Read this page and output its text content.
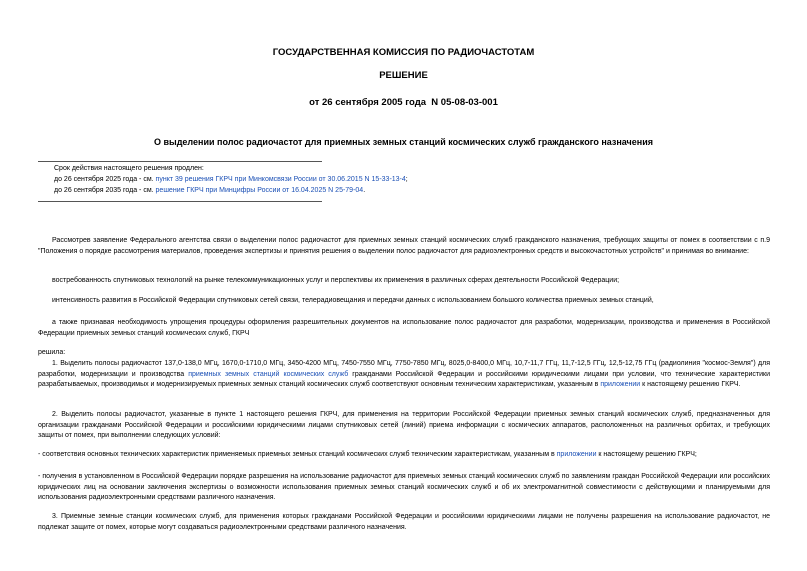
ГОСУДАРСТВЕННАЯ КОМИССИЯ ПО РАДИОЧАСТОТАМ
РЕШЕНИЕ
от 26 сентября 2005 года  N 05-08-03-001
О выделении полос радиочастот для приемных земных станций космических служб гражданского назначения
Срок действия настоящего решения продлен:
до 26 сентября 2025 года - см. пункт 39 решения ГКРЧ при Минкомсвязи России от 30.06.2015 N 15-33-13-4;
до 26 сентября 2035 года - см. решение ГКРЧ при Минцифры России от 16.04.2025 N 25-79-04.
Рассмотрев заявление Федерального агентства связи о выделении полос радиочастот для приемных земных станций космических служб гражданского назначения, требующих защиты от помех в соответствии с п.9 "Положения о порядке рассмотрения материалов, проведения экспертизы и принятия решения о выделении полос радиочастот для радиоэлектронных средств и высокочастотных устройств" и принимая во внимание:
востребованность спутниковых технологий на рынке телекоммуникационных услуг и перспективы их применения в различных сферах деятельности Российской Федерации;
интенсивность развития в Российской Федерации спутниковых сетей связи, телерадиовещания и передачи данных с использованием большого количества приемных земных станций,
а также признавая необходимость упрощения процедуры оформления разрешительных документов на использование полос радиочастот для разработки, модернизации, производства и применения в Российской Федерации приемных земных станций космических служб, ГКРЧ
решила:
1. Выделить полосы радиочастот 137,0-138,0 МГц, 1670,0-1710,0 МГц, 3450-4200 МГц, 7450-7550 МГц, 7750-7850 МГц, 8025,0-8400,0 МГц, 10,7-11,7 ГГц, 11,7-12,5 ГГц, 12,5-12,75 ГГц (радиолиния "космос-Земля") для разработки, модернизации и производства приемных земных станций космических служб гражданами Российской Федерации и российскими юридическими лицами при условии, что технические характеристики разрабатываемых, производимых и модернизируемых приемных земных станций космических служб соответствуют основным техническим характеристикам, указанным в приложении к настоящему решению ГКРЧ.
2. Выделить полосы радиочастот, указанные в пункте 1 настоящего решения ГКРЧ, для применения на территории Российской Федерации приемных земных станций космических служб, предназначенных для организации гражданами Российской Федерации и российскими юридическими лицами спутниковых сетей (линий) приема информации с космических аппаратов, расположенных на различных орбитах, и требующих защиты от помех, при выполнении следующих условий:
- соответствия основных технических характеристик применяемых приемных земных станций космических служб техническим характеристикам, указанным в приложении к настоящему решению ГКРЧ;
- получения в установленном в Российской Федерации порядке разрешения на использование радиочастот для приемных земных станций космических служб по заявлениям граждан Российской Федерации или российских юридических лиц на основании заключения экспертизы о возможности использования приемных земных станций космических служб и об их электромагнитной совместимости с действующими и планируемыми для использования радиоэлектронными средствами различного назначения.
3. Приемные земные станции космических служб, для применения которых гражданами Российской Федерации и российскими юридическими лицами не получены разрешения на использование радиочастот, не подлежат защите от помех, которые могут создаваться радиоэлектронными средствами различного назначения.
